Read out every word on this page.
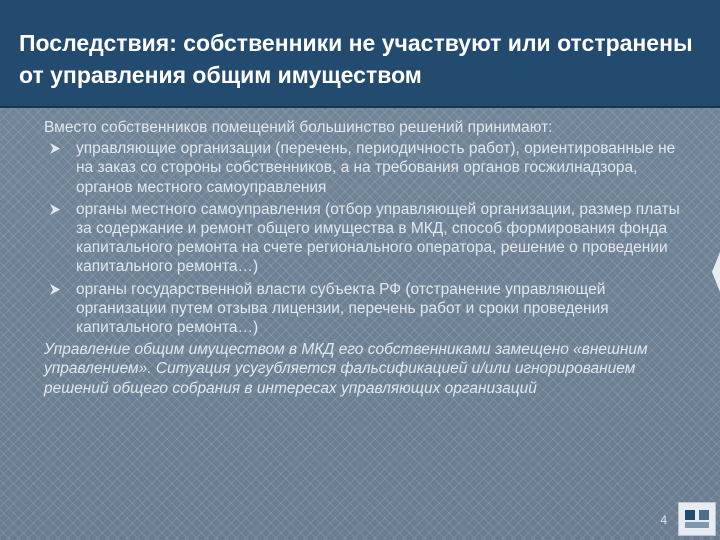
Последствия: собственники не участвуют или отстранены от управления общим имуществом

Вместо собственников помещений большинство решений принимают:

управляющие организации (перечень, периодичность работ), ориентированные не на заказ со стороны собственников, а на требования органов госжилнадзора, органов местного самоуправления
органы местного самоуправления (отбор управляющей организации, размер платы за содержание и ремонт общего имущества в МКД, способ формирования фонда капитального ремонта на счете регионального оператора, решение о проведении капитального ремонта…)
органы государственной власти субъекта РФ (отстранение управляющей организации путем отзыва лицензии, перечень работ и сроки проведения капитального ремонта…)

Управление общим имуществом в МКД его собственниками замещено «внешним управлением». Ситуация усугубляется фальсификацией и/или игнорированием решений общего собрания в интересах управляющих организаций

4
